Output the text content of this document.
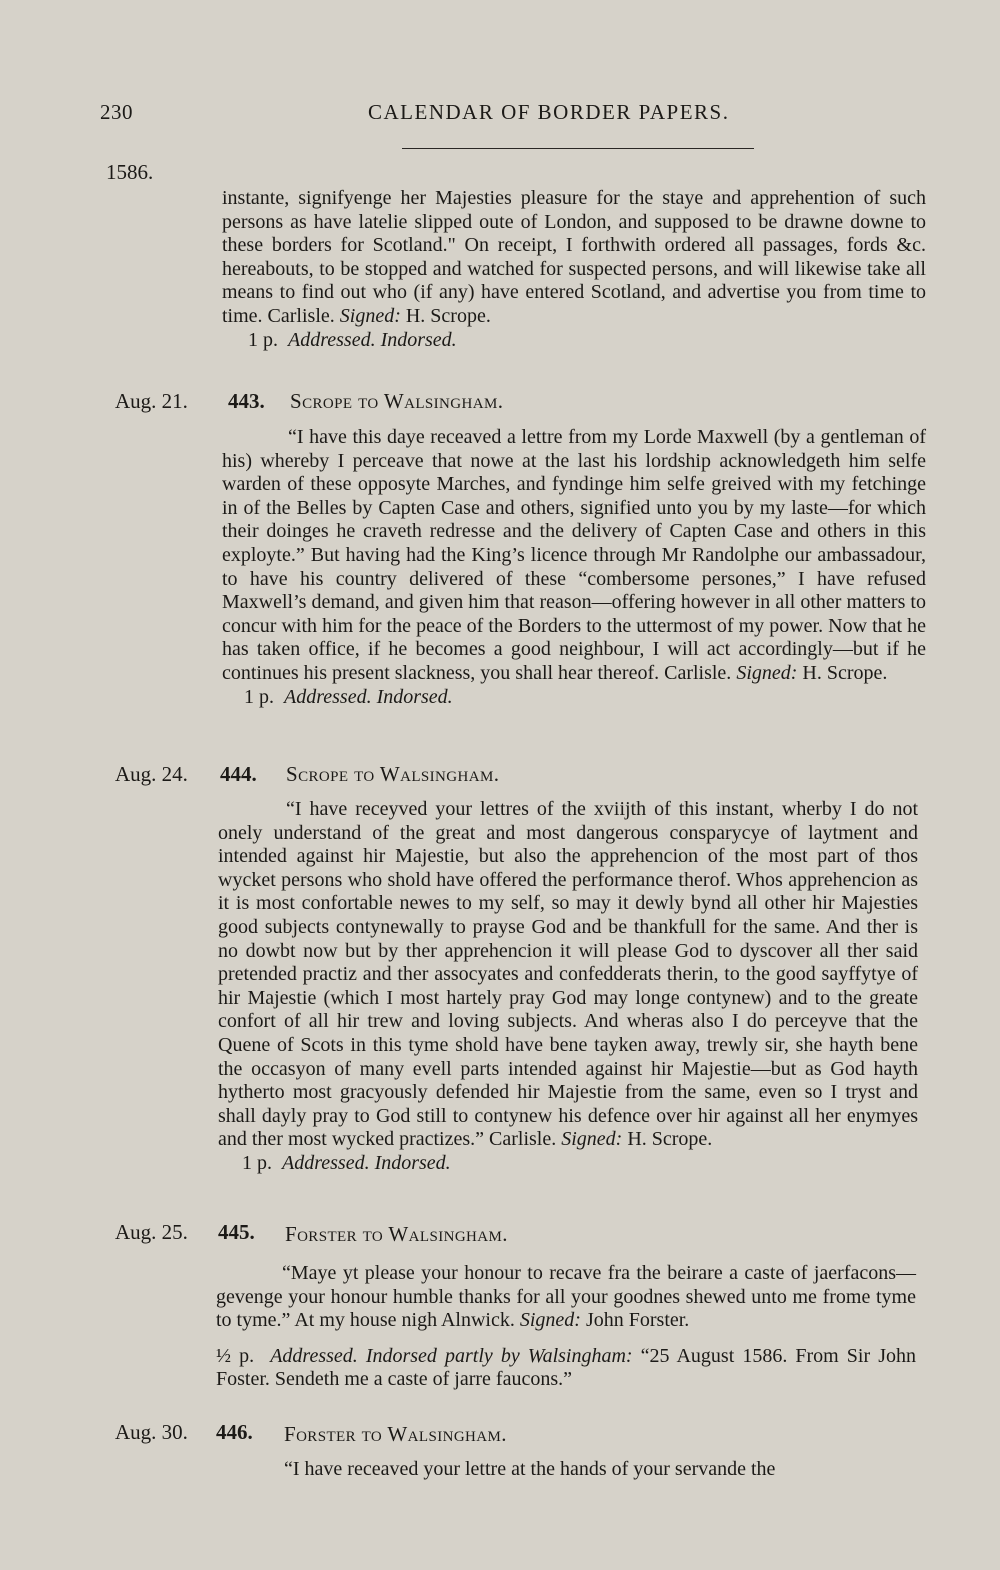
230	CALENDAR OF BORDER PAPERS.
1586.

instante, signifyenge her Majesties pleasure for the staye and apprehention of such persons as have latelie slipped oute of London, and supposed to be drawne downe to these borders for Scotland." On receipt, I forthwith ordered all passages, fords &c. hereabouts, to be stopped and watched for suspected persons, and will likewise take all means to find out who (if any) have entered Scotland, and advertise you from time to time. Carlisle. Signed: H. Scrope.

1 p. Addressed. Indorsed.

Aug. 21. 443. Scrope to Walsingham.

“I have this daye receaved a lettre from my Lorde Maxwell (by a gentleman of his) whereby I perceave that nowe at the last his lordship acknowledgeth him selfe warden of these opposyte Marches, and fyndinge him selfe greived with my fetchinge in of the Belles by Capten Case and others, signified unto you by my laste—for which their doinges he craveth redresse and the delivery of Capten Case and others in this exployte.” But having had the King’s licence through Mr Randolphe our ambassadour, to have his country delivered of these “combersome persones,” I have refused Maxwell’s demand, and given him that reason—offering however in all other matters to concur with him for the peace of the Borders to the uttermost of my power. Now that he has taken office, if he becomes a good neighbour, I will act accordingly—but if he continues his present slackness, you shall hear thereof. Carlisle. Signed: H. Scrope.

1 p. Addressed. Indorsed.

Aug. 24. 444. Scrope to Walsingham.

“I have receyved your lettres of the xviijth of this instant, wherby I do not onely understand of the great and most dangerous consparycye of laytment and intended against hir Majestie, but also the apprehencion of the most part of thos wycket persons who shold have offered the performance therof. Whos apprehencion as it is most confortable newes to my self, so may it dewly bynd all other hir Majesties good subjects contynewally to prayse God and be thankfull for the same. And ther is no dowbt now but by ther apprehencion it will please God to dyscover all ther said pretended practiz and ther assocyates and confedderats therin, to the good sayffytye of hir Majestie (which I most hartely pray God may longe contynew) and to the greate confort of all hir trew and loving subjects. And wheras also I do perceyve that the Quene of Scots in this tyme shold have bene tayken away, trewly sir, she hayth bene the occasyon of many evell parts intended against hir Majestie—but as God hayth hytherto most gracyously defended hir Majestie from the same, even so I tryst and shall dayly pray to God still to contynew his defence over hir against all her enymyes and ther most wycked practizes.” Carlisle. Signed: H. Scrope.

1 p. Addressed. Indorsed.

Aug. 25. 445. Forster to Walsingham.

“Maye yt please your honour to recave fra the beirare a caste of jaerfacons—gevenge your honour humble thanks for all your goodnes shewed unto me frome tyme to tyme.” At my house nigh Alnwick. Signed: John Forster.

½ p. Addressed. Indorsed partly by Walsingham: “25 August 1586. From Sir John Foster. Sendeth me a caste of jarre faucons.”

Aug. 30. 446. Forster to Walsingham.

“I have receaved your lettre at the hands of your servande the
